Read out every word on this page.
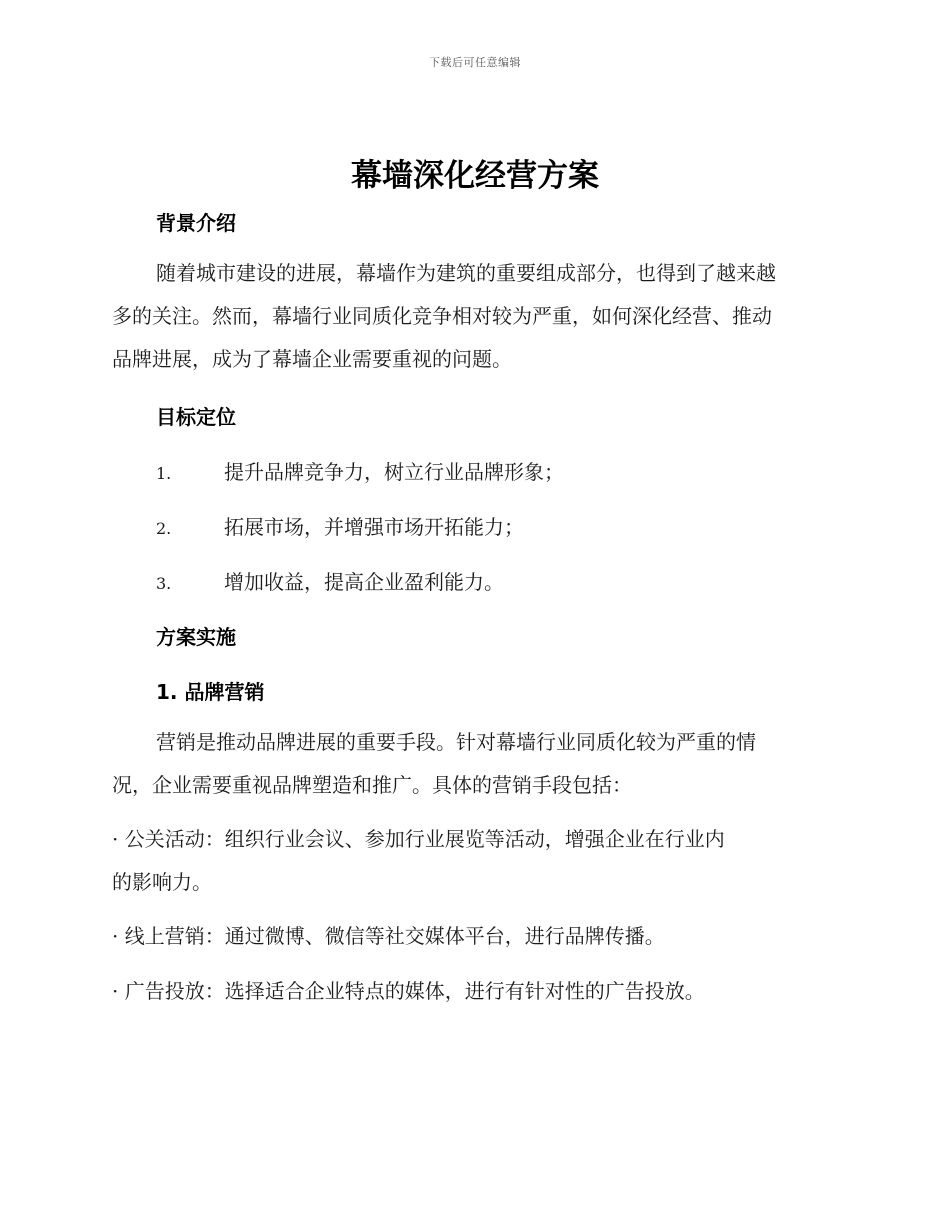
下载后可任意编辑
幕墙深化经营方案
背景介绍

随着城市建设的进展，幕墙作为建筑的重要组成部分，也得到了越来越
多的关注。然而，幕墙行业同质化竞争相对较为严重，如何深化经营、推动
品牌进展，成为了幕墙企业需要重视的问题。

目标定位
1.	提升品牌竞争力，树立行业品牌形象；
2.	拓展市场，并增强市场开拓能力；
3.	增加收益，提高企业盈利能力。
方案实施
1. 品牌营销

营销是推动品牌进展的重要手段。针对幕墙行业同质化较为严重的情
况，企业需要重视品牌塑造和推广。具体的营销手段包括：

· 公关活动：组织行业会议、参加行业展览等活动，增强企业在行业内
的影响力。

· 线上营销：通过微博、微信等社交媒体平台，进行品牌传播。

· 广告投放：选择适合企业特点的媒体，进行有针对性的广告投放。
